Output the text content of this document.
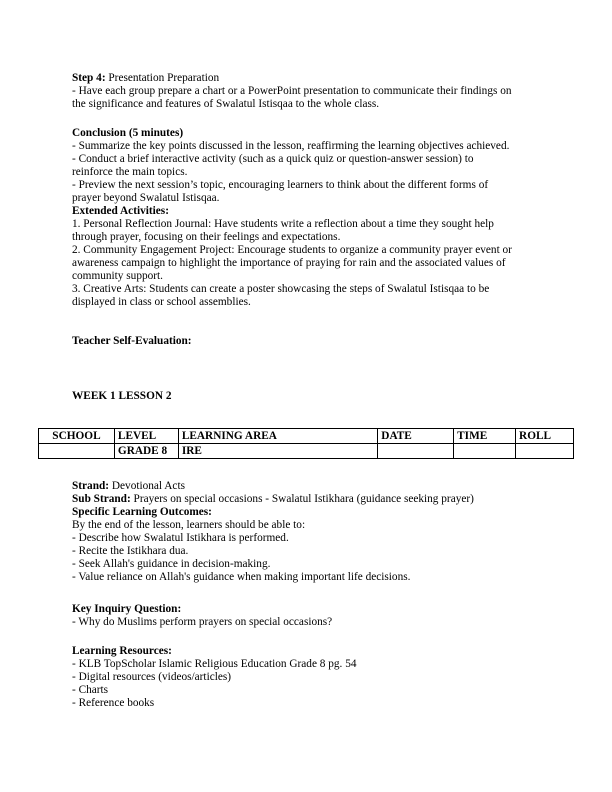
Step 4: Presentation Preparation
- Have each group prepare a chart or a PowerPoint presentation to communicate their findings on
the significance and features of Swalatul Istisqaa to the whole class.
Conclusion (5 minutes)
- Summarize the key points discussed in the lesson, reaffirming the learning objectives achieved.
- Conduct a brief interactive activity (such as a quick quiz or question-answer session) to
reinforce the main topics.
- Preview the next session’s topic, encouraging learners to think about the different forms of
prayer beyond Swalatul Istisqaa.
Extended Activities:
1. Personal Reflection Journal: Have students write a reflection about a time they sought help
through prayer, focusing on their feelings and expectations.
2. Community Engagement Project: Encourage students to organize a community prayer event or
awareness campaign to highlight the importance of praying for rain and the associated values of
community support.
3. Creative Arts: Students can create a poster showcasing the steps of Swalatul Istisqaa to be
displayed in class or school assemblies.
Teacher Self-Evaluation:
WEEK 1 LESSON 2
SCHOOL	LEVEL	LEARNING AREA	DATE	TIME	ROLL
	GRADE 8	IRE			
Strand: Devotional Acts
Sub Strand: Prayers on special occasions - Swalatul Istikhara (guidance seeking prayer)
Specific Learning Outcomes:
By the end of the lesson, learners should be able to:
- Describe how Swalatul Istikhara is performed.
- Recite the Istikhara dua.
- Seek Allah's guidance in decision-making.
- Value reliance on Allah's guidance when making important life decisions.
Key Inquiry Question:
- Why do Muslims perform prayers on special occasions?
Learning Resources:
- KLB TopScholar Islamic Religious Education Grade 8 pg. 54
- Digital resources (videos/articles)
- Charts
- Reference books
